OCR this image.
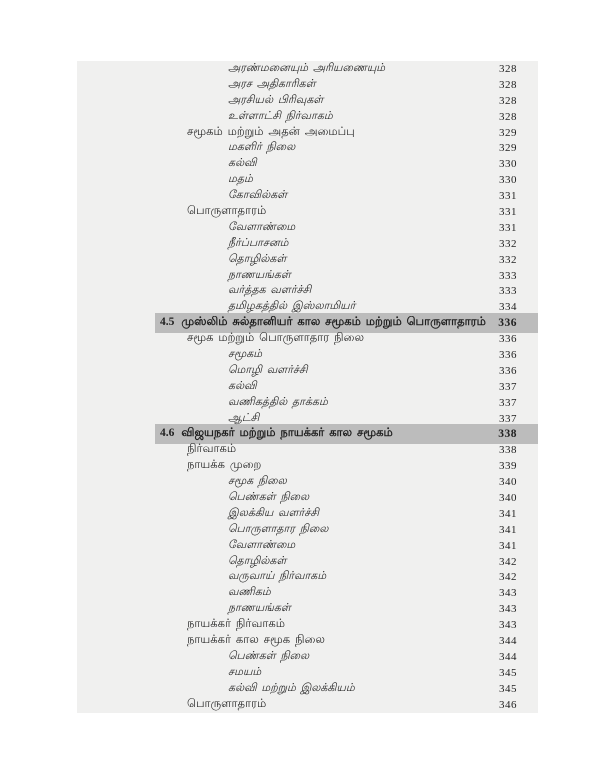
அரண்மனையும் அரியணையும்	328
அரச அதிகாரிகள்	328
அரசியல் பிரிவுகள்	328
உள்ளாட்சி நிர்வாகம்	328
சமூகம் மற்றும் அதன் அமைப்பு	329
மகளிர் நிலை	329
கல்வி	330
மதம்	330
கோவில்கள்	331
பொருளாதாரம்	331
வேளாண்மை	331
நீர்ப்பாசனம்	332
தொழில்கள்	332
நாணயங்கள்	333
வர்த்தக வளர்ச்சி	333
தமிழகத்தில் இஸ்லாமியர்	334
4.5 முஸ்லிம் சுல்தானியர் கால சமூகம் மற்றும் பொருளாதாரம்	336
சமூக மற்றும் பொருளாதார நிலை	336
சமூகம்	336
மொழி வளர்ச்சி	336
கல்வி	337
வணிகத்தில் தாக்கம்	337
ஆட்சி	337
4.6 விஜயநகர் மற்றும் நாயக்கர் கால சமூகம்	338
நிர்வாகம்	338
நாயக்க முறை	339
சமூக நிலை	340
பெண்கள் நிலை	340
இலக்கிய வளர்ச்சி	341
பொருளாதார நிலை	341
வேளாண்மை	341
தொழில்கள்	342
வருவாய் நிர்வாகம்	342
வணிகம்	343
நாணயங்கள்	343
நாயக்கர் நிர்வாகம்	343
நாயக்கர் கால சமூக நிலை	344
பெண்கள் நிலை	344
சமயம்	345
கல்வி மற்றும் இலக்கியம்	345
பொருளாதாரம்	346
